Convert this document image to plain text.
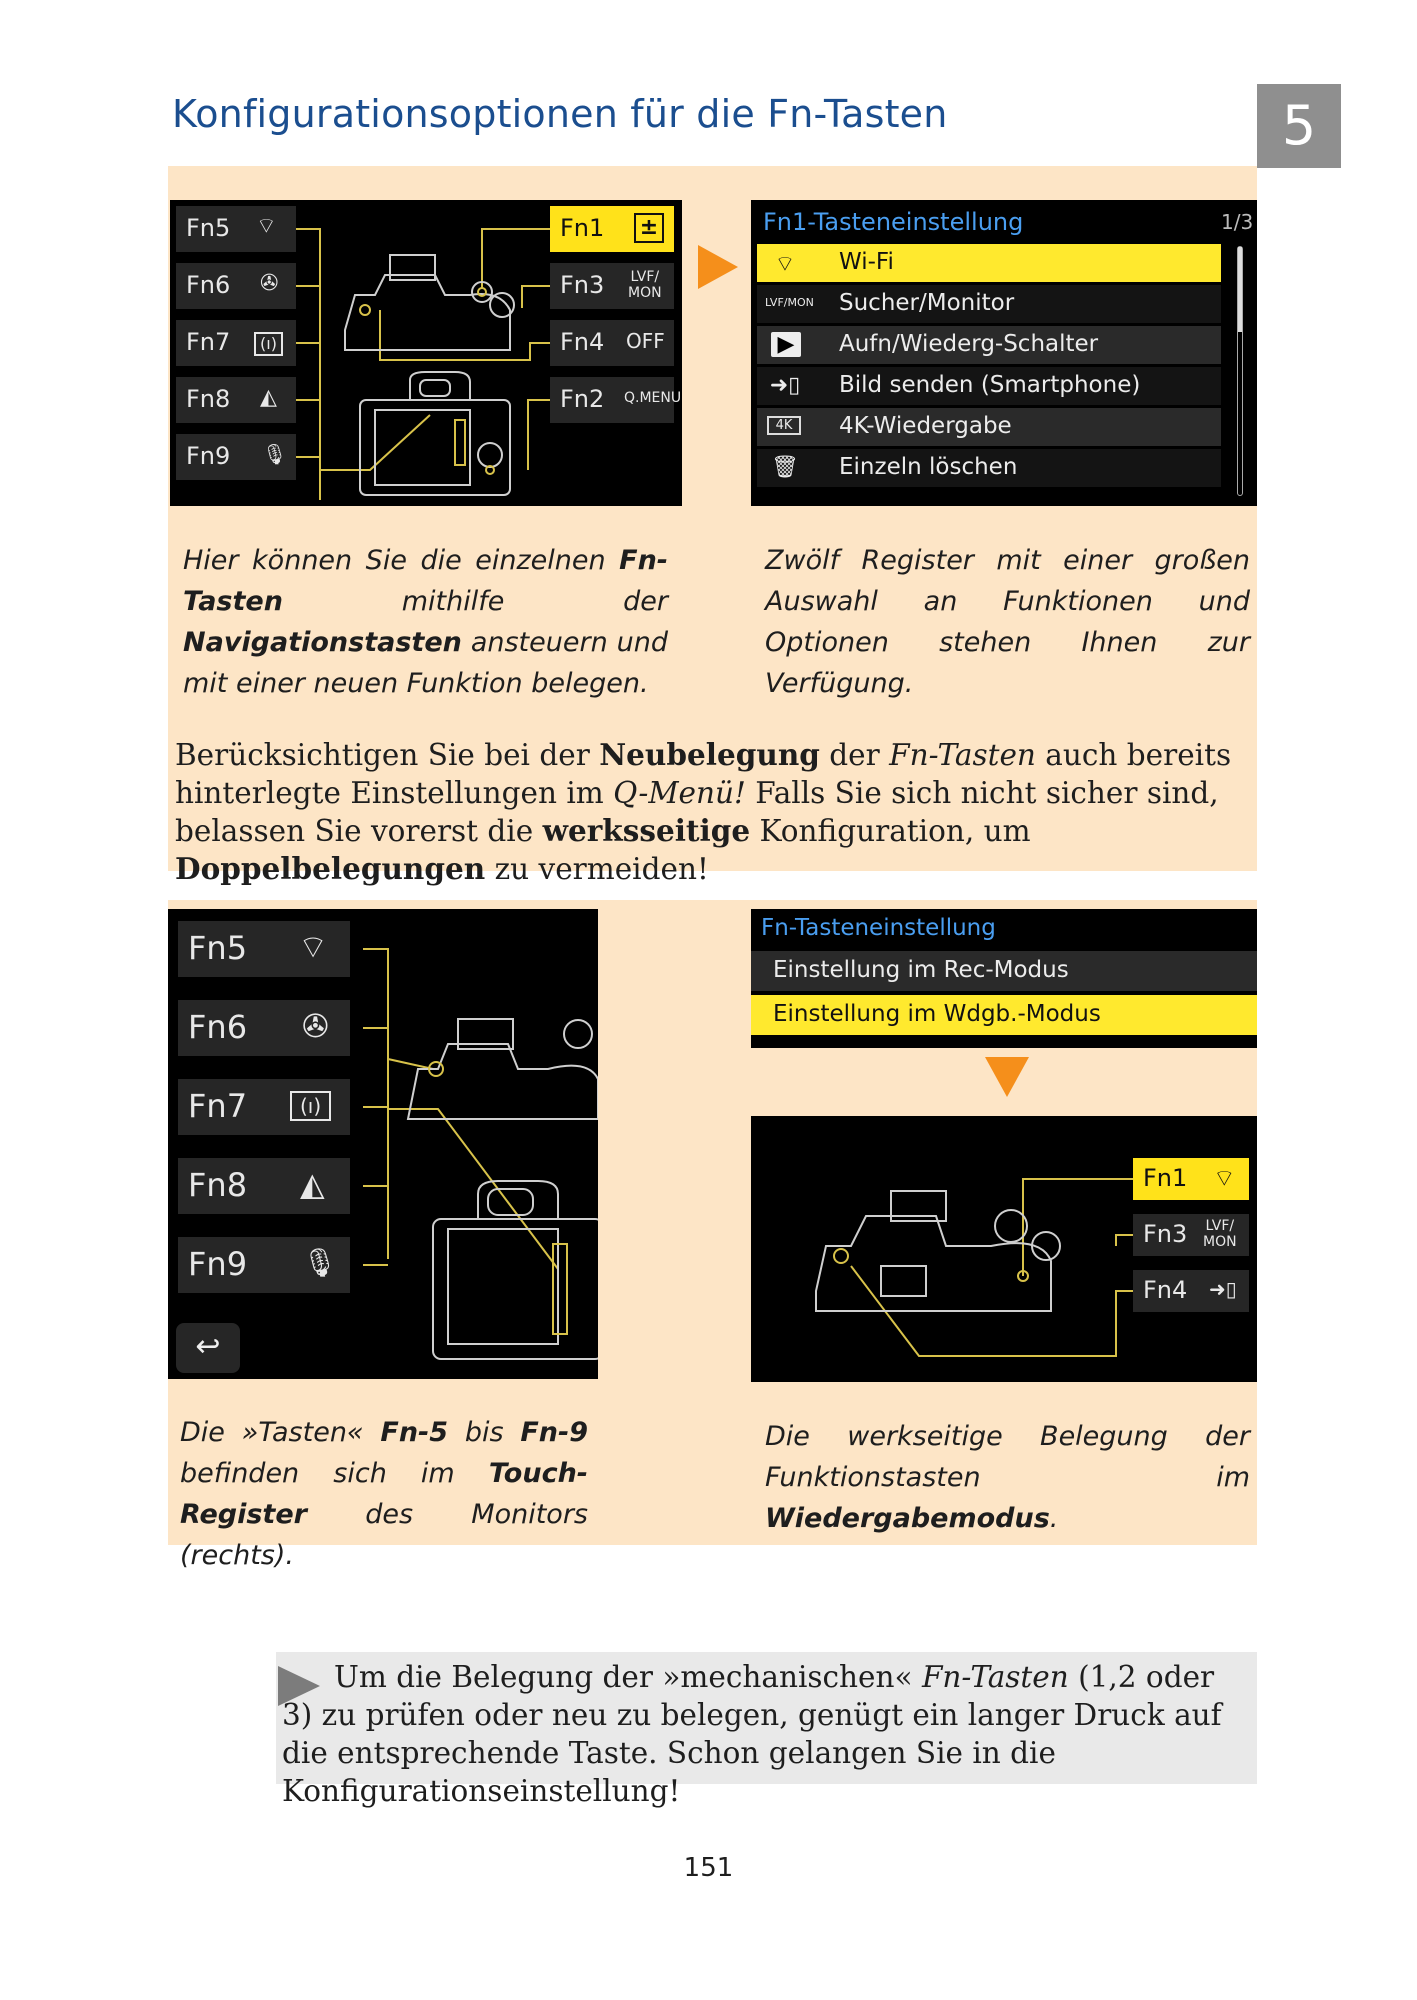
Konfigurationsoptionen für die Fn-Tasten	5
Fn5 ⌔
Fn6 ✇
Fn7	(ı)
Fn8 ◭
Fn9 🎙
Fn1 ±
Fn3 LVF/
MON
Fn4 OFF
Fn2 Q.MENU
Fn1-Tasteneinstellung	1/3
⌔	Wi-Fi
LVF/MON Sucher/Monitor
▶ Aufn/Wiederg-Schalter
➜▯ Bild senden (Smartphone)
4K	4K-Wiedergabe
🗑 Einzeln löschen
Hier können Sie die einzelnen Fn-Tasten mithilfe der Navigationstasten ansteuern und mit einer neuen Funktion belegen.
Zwölf Register mit einer großen Auswahl an Funktionen und Optionen stehen Ihnen zur Verfügung.
Berücksichtigen Sie bei der Neubelegung der Fn-Tasten auch bereits hinterlegte Einstellungen im Q-Menü! Falls Sie sich nicht sicher sind, belassen Sie vorerst die werksseitige Konfiguration, um Doppelbelegungen zu vermeiden!
Fn5 ⌔
Fn6 ✇
Fn7	(ı)
Fn8 ◭
Fn9 🎙
↩
Fn-Tasteneinstellung
Einstellung im Rec-Modus
Einstellung im Wdgb.-Modus
Fn1 ⌔
Fn3 LVF/
MON
Fn4 ➜▯
Die »Tasten« Fn-5 bis Fn-9 befinden sich im Touch-Register des Monitors (rechts).
Die werkseitige Belegung der Funktionstasten im Wiedergabemodus.
Um die Belegung der »mechanischen« Fn-Tasten (1,2 oder 3) zu prüfen oder neu zu belegen, genügt ein langer Druck auf die entsprechende Taste. Schon gelangen Sie in die Konfigurationseinstellung!
151
